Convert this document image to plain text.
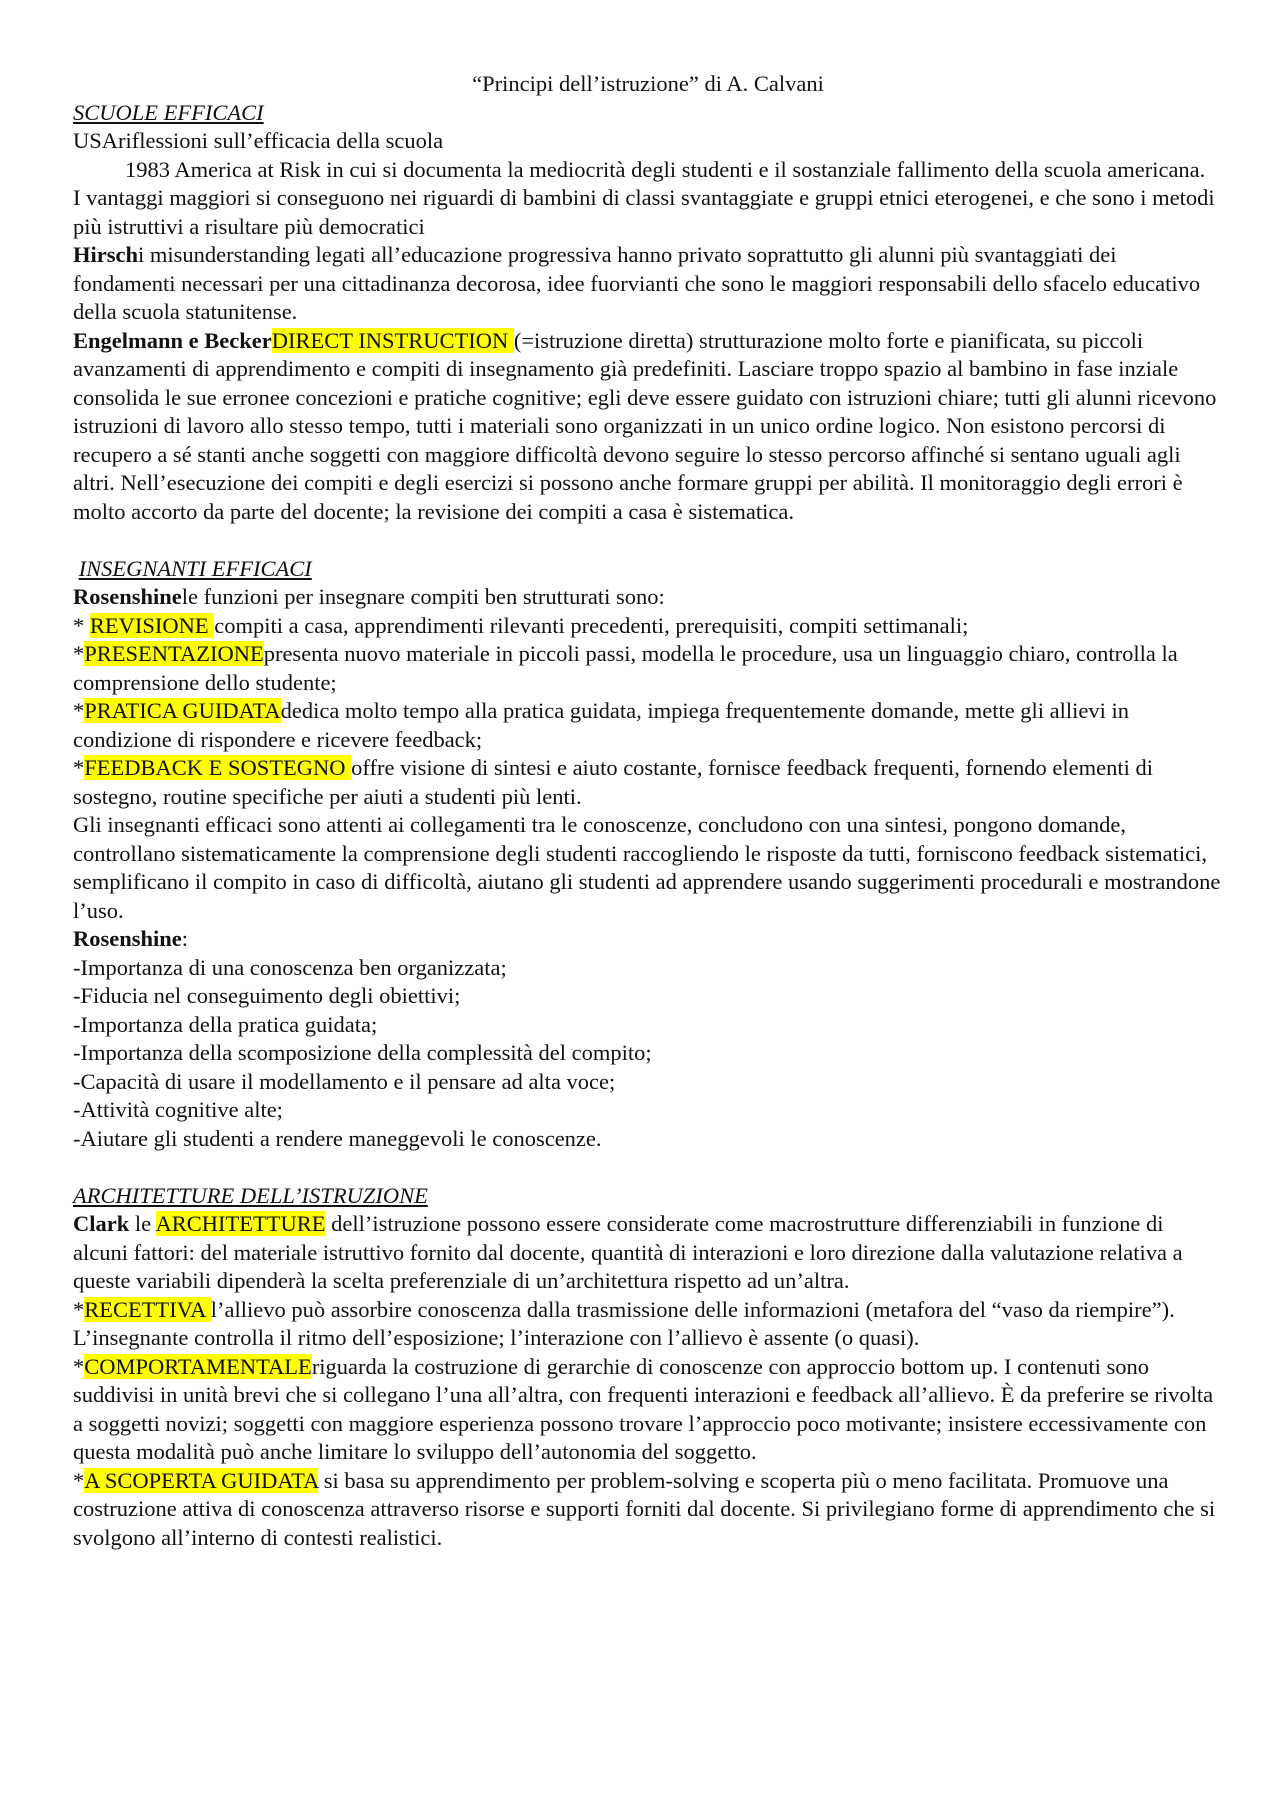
“Principi dell’istruzione” di A. Calvani

SCUOLE EFFICACI

USAriflessioni sull’efficacia della scuola

1983 America at Risk in cui si documenta la mediocrità degli studenti e il sostanziale fallimento della scuola americana.

I vantaggi maggiori si conseguono nei riguardi di bambini di classi svantaggiate e gruppi etnici eterogenei, e che sono i metodi più istruttivi a risultare più democratici

Hirschi misunderstanding legati all’educazione progressiva hanno privato soprattutto gli alunni più svantaggiati dei fondamenti necessari per una cittadinanza decorosa, idee fuorvianti che sono le maggiori responsabili dello sfacelo educativo della scuola statunitense.

Engelmann e BeckerDIRECT INSTRUCTION (=istruzione diretta) strutturazione molto forte e pianificata, su piccoli avanzamenti di apprendimento e compiti di insegnamento già predefiniti. Lasciare troppo spazio al bambino in fase inziale consolida le sue erronee concezioni e pratiche cognitive; egli deve essere guidato con istruzioni chiare; tutti gli alunni ricevono istruzioni di lavoro allo stesso tempo, tutti i materiali sono organizzati in un unico ordine logico. Non esistono percorsi di recupero a sé stanti anche soggetti con maggiore difficoltà devono seguire lo stesso percorso affinché si sentano uguali agli altri. Nell’esecuzione dei compiti e degli esercizi si possono anche formare gruppi per abilità. Il monitoraggio degli errori è molto accorto da parte del docente; la revisione dei compiti a casa è sistematica.

INSEGNANTI EFFICACI

Rosenshinele funzioni per insegnare compiti ben strutturati sono:

* REVISIONE compiti a casa, apprendimenti rilevanti precedenti, prerequisiti, compiti settimanali;

*PRESENTAZIONEpresenta nuovo materiale in piccoli passi, modella le procedure, usa un linguaggio chiaro, controlla la comprensione dello studente;

*PRATICA GUIDATAdedica molto tempo alla pratica guidata, impiega frequentemente domande, mette gli allievi in condizione di rispondere e ricevere feedback;

*FEEDBACK E SOSTEGNO offre visione di sintesi e aiuto costante, fornisce feedback frequenti, fornendo elementi di sostegno, routine specifiche per aiuti a studenti più lenti.

Gli insegnanti efficaci sono attenti ai collegamenti tra le conoscenze, concludono con una sintesi, pongono domande, controllano sistematicamente la comprensione degli studenti raccogliendo le risposte da tutti, forniscono feedback sistematici, semplificano il compito in caso di difficoltà, aiutano gli studenti ad apprendere usando suggerimenti procedurali e mostrandone l’uso.

Rosenshine:

-Importanza di una conoscenza ben organizzata;

-Fiducia nel conseguimento degli obiettivi;

-Importanza della pratica guidata;

-Importanza della scomposizione della complessità del compito;

-Capacità di usare il modellamento e il pensare ad alta voce;

-Attività cognitive alte;

-Aiutare gli studenti a rendere maneggevoli le conoscenze.

ARCHITETTURE DELL’ISTRUZIONE

Clark le ARCHITETTURE dell’istruzione possono essere considerate come macrostrutture differenziabili in funzione di alcuni fattori: del materiale istruttivo fornito dal docente, quantità di interazioni e loro direzione dalla valutazione relativa a queste variabili dipenderà la scelta preferenziale di un’architettura rispetto ad un’altra.

*RECETTIVA l’allievo può assorbire conoscenza dalla trasmissione delle informazioni (metafora del “vaso da riempire”). L’insegnante controlla il ritmo dell’esposizione; l’interazione con l’allievo è assente (o quasi).

*COMPORTAMENTALEriguarda la costruzione di gerarchie di conoscenze con approccio bottom up. I contenuti sono suddivisi in unità brevi che si collegano l’una all’altra, con frequenti interazioni e feedback all’allievo. È da preferire se rivolta a soggetti novizi; soggetti con maggiore esperienza possono trovare l’approccio poco motivante; insistere eccessivamente con questa modalità può anche limitare lo sviluppo dell’autonomia del soggetto.

*A SCOPERTA GUIDATA si basa su apprendimento per problem-solving e scoperta più o meno facilitata. Promuove una costruzione attiva di conoscenza attraverso risorse e supporti forniti dal docente. Si privilegiano forme di apprendimento che si svolgono all’interno di contesti realistici.
